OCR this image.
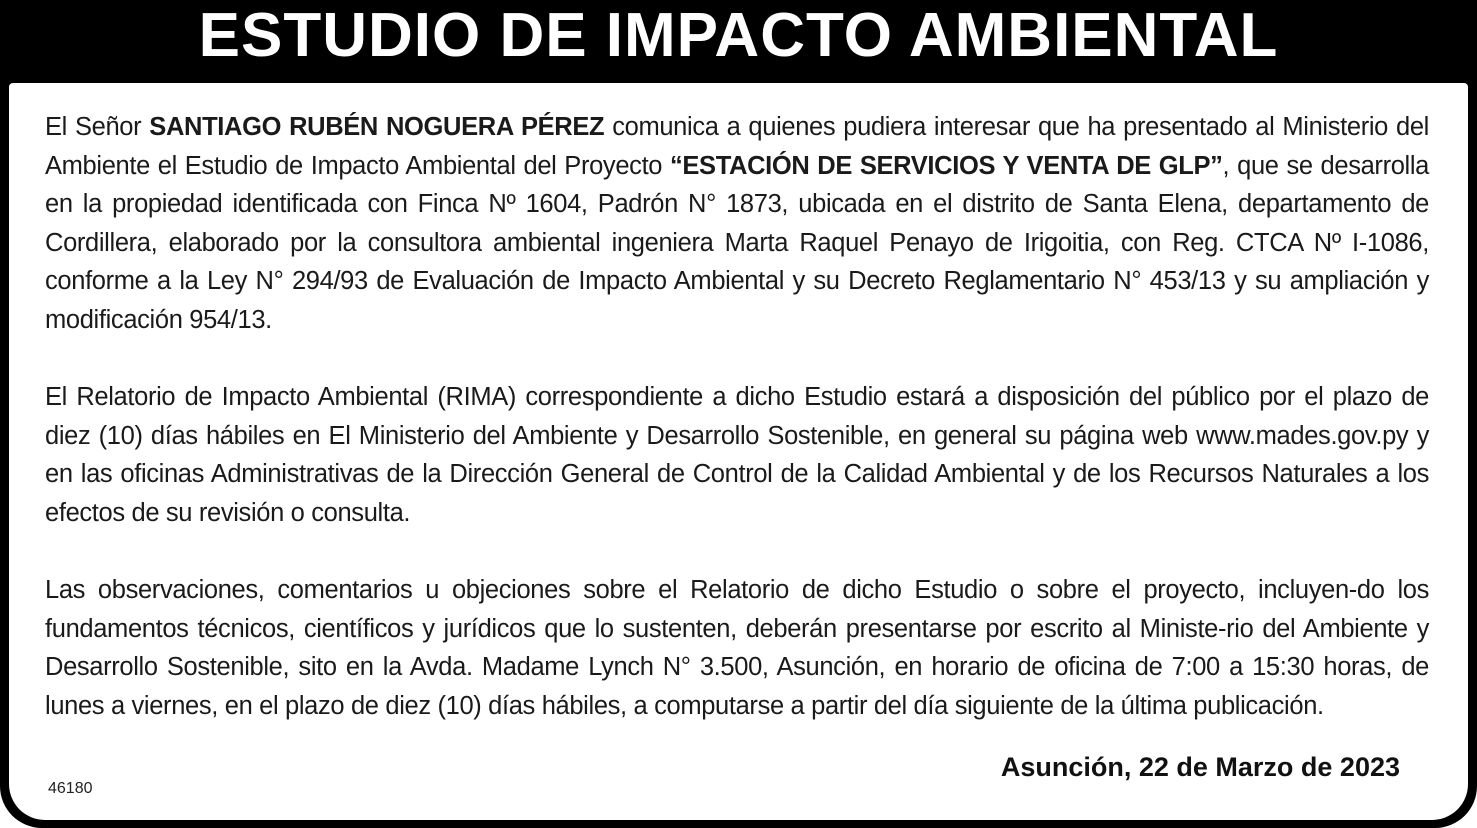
ESTUDIO DE IMPACTO AMBIENTAL

El Señor SANTIAGO RUBÉN NOGUERA PÉREZ comunica a quienes pudiera interesar que ha presentado al Ministerio del Ambiente el Estudio de Impacto Ambiental del Proyecto “ESTACIÓN DE SERVICIOS Y VENTA DE GLP”, que se desarrolla en la propiedad identificada con Finca Nº 1604, Padrón N° 1873, ubicada en el distrito de Santa Elena, departamento de Cordillera, elaborado por la consultora ambiental ingeniera Marta Raquel Penayo de Irigoitia, con Reg. CTCA Nº I-1086, conforme a la Ley N° 294/93 de Evaluación de Impacto Ambiental y su Decreto Reglamentario N° 453/13 y su ampliación y modificación 954/13.

El Relatorio de Impacto Ambiental (RIMA) correspondiente a dicho Estudio estará a disposición del público por el plazo de diez (10) días hábiles en El Ministerio del Ambiente y Desarrollo Sostenible, en general su página web www.mades.gov.py y en las oficinas Administrativas de la Dirección General de Control de la Calidad Ambiental y de los Recursos Naturales a los efectos de su revisión o consulta.

Las observaciones, comentarios u objeciones sobre el Relatorio de dicho Estudio o sobre el proyecto, incluyen-do los fundamentos técnicos, científicos y jurídicos que lo sustenten, deberán presentarse por escrito al Ministe-rio del Ambiente y Desarrollo Sostenible, sito en la Avda. Madame Lynch N° 3.500, Asunción, en horario de oficina de 7:00 a 15:30 horas, de lunes a viernes, en el plazo de diez (10) días hábiles, a computarse a partir del día siguiente de la última publicación.

Asunción, 22 de Marzo de 2023
46180
